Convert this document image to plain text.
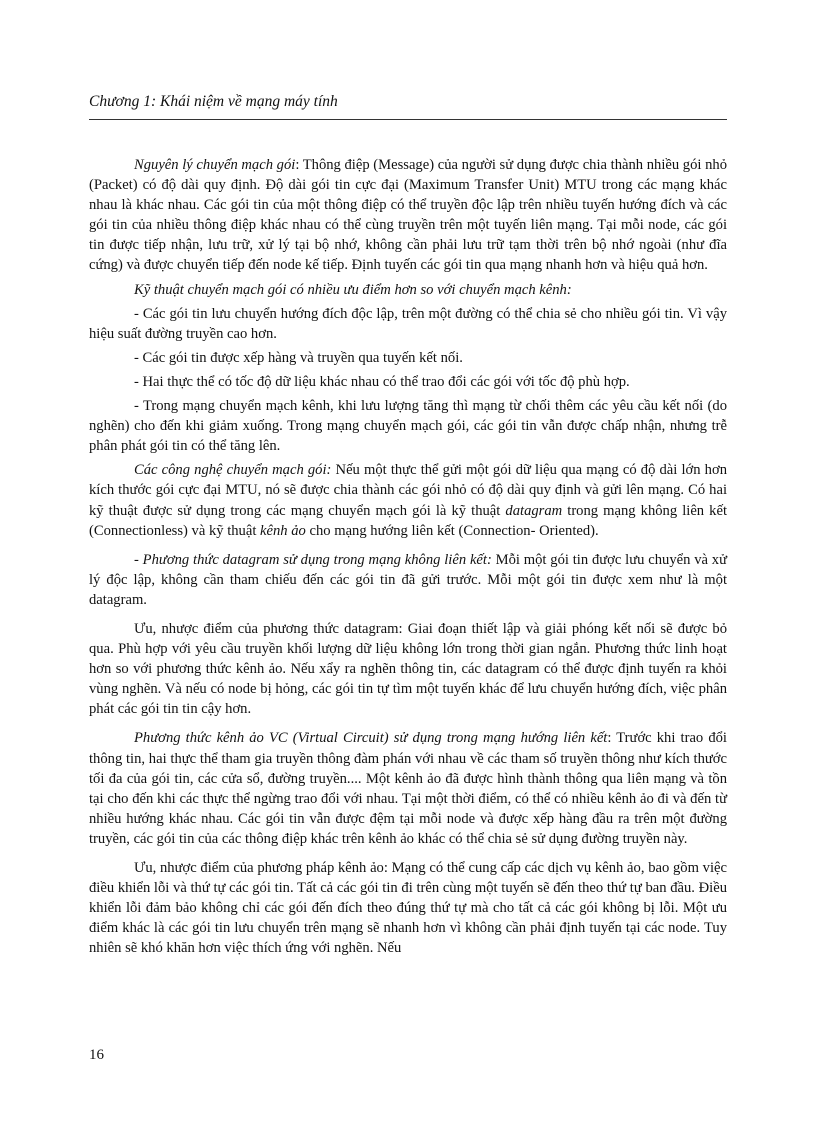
Chương 1: Khái niệm về mạng máy tính

Nguyên lý chuyển mạch gói: Thông điệp (Message) của người sử dụng được chia thành nhiều gói nhỏ (Packet) có độ dài quy định. Độ dài gói tin cực đại (Maximum Transfer Unit) MTU trong các mạng khác nhau là khác nhau. Các gói tin của một thông điệp có thể truyền độc lập trên nhiều tuyến hướng đích và các gói tin của nhiều thông điệp khác nhau có thể cùng truyền trên một tuyến liên mạng. Tại mỗi node, các gói tin được tiếp nhận, lưu trữ, xử lý tại bộ nhớ, không cần phải lưu trữ tạm thời trên bộ nhớ ngoài (như đĩa cứng) và được chuyển tiếp đến node kế tiếp. Định tuyến các gói tin qua mạng nhanh hơn và hiệu quả hơn.

Kỹ thuật chuyển mạch gói có nhiều ưu điểm hơn so với chuyển mạch kênh:

- Các gói tin lưu chuyển hướng đích độc lập, trên một đường có thể chia sẻ cho nhiều gói tin. Vì vậy hiệu suất đường truyền cao hơn.

- Các gói tin được xếp hàng và truyền qua tuyến kết nối.

- Hai thực thể có tốc độ dữ liệu khác nhau có thể trao đổi các gói với tốc độ phù hợp.

- Trong mạng chuyển mạch kênh, khi lưu lượng tăng thì mạng từ chối thêm các yêu cầu kết nối (do nghẽn) cho đến khi giảm xuống. Trong mạng chuyển mạch gói, các gói tin vẫn được chấp nhận, nhưng trễ phân phát gói tin có thể tăng lên.

Các công nghệ chuyển mạch gói: Nếu một thực thể gửi một gói dữ liệu qua mạng có độ dài lớn hơn kích thước gói cực đại MTU, nó sẽ được chia thành các gói nhỏ có độ dài quy định và gửi lên mạng. Có hai kỹ thuật được sử dụng trong các mạng chuyển mạch gói là kỹ thuật datagram trong mạng không liên kết (Connectionless) và kỹ thuật kênh ảo cho mạng hướng liên kết (Connection- Oriented).

- Phương thức datagram sử dụng trong mạng không liên kết: Mỗi một gói tin được lưu chuyển và xử lý độc lập, không cần tham chiếu đến các gói tin đã gửi trước. Mỗi một gói tin được xem như là một datagram.

Ưu, nhược điểm của phương thức datagram: Giai đoạn thiết lập và giải phóng kết nối sẽ được bỏ qua. Phù hợp với yêu cầu truyền khối lượng dữ liệu không lớn trong thời gian ngắn. Phương thức linh hoạt hơn so với phương thức kênh ảo. Nếu xẩy ra nghẽn thông tin, các datagram có thể được định tuyến ra khỏi vùng nghẽn. Và nếu có node bị hỏng, các gói tin tự tìm một tuyến khác để lưu chuyển hướng đích, việc phân phát các gói tin tin cậy hơn.

Phương thức kênh ảo VC (Virtual Circuit) sử dụng trong mạng hướng liên kết: Trước khi trao đổi thông tin, hai thực thể tham gia truyền thông đàm phán với nhau về các tham số truyền thông như kích thước tối đa của gói tin, các cửa sổ, đường truyền.... Một kênh ảo đã được hình thành thông qua liên mạng và tồn tại cho đến khi các thực thể ngừng trao đổi với nhau. Tại một thời điểm, có thể có nhiều kênh ảo đi và đến từ nhiều hướng khác nhau. Các gói tin vẫn được đệm tại mỗi node và được xếp hàng đầu ra trên một đường truyền, các gói tin của các thông điệp khác trên kênh ảo khác có thể chia sẻ sử dụng đường truyền này.

Ưu, nhược điểm của phương pháp kênh ảo: Mạng có thể cung cấp các dịch vụ kênh ảo, bao gồm việc điều khiển lỗi và thứ tự các gói tin. Tất cả các gói tin đi trên cùng một tuyến sẽ đến theo thứ tự ban đầu. Điều khiển lỗi đảm bảo không chỉ các gói đến đích theo đúng thứ tự mà cho tất cả các gói không bị lỗi. Một ưu điểm khác là các gói tin lưu chuyển trên mạng sẽ nhanh hơn vì không cần phải định tuyến tại các node. Tuy nhiên sẽ khó khăn hơn việc thích ứng với nghẽn. Nếu

16
